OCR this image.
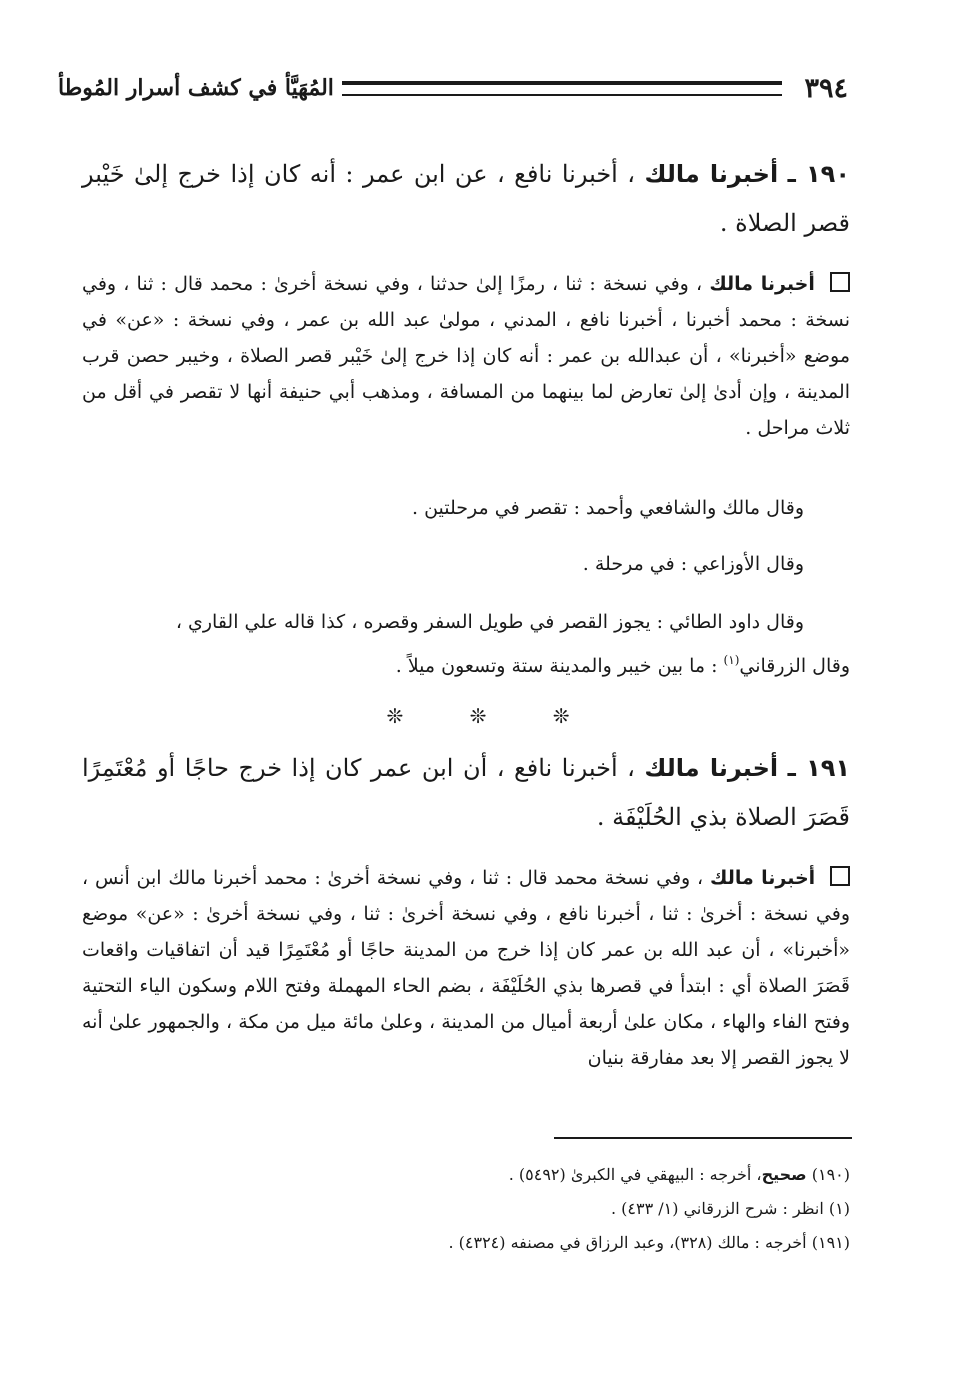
٣٩٤
المُهَيَّأ في كشف أسرار المُوطأ
١٩٠ ـ أخبرنا مالك ، أخبرنا نافع ، عن ابن عمر : أنه كان إذا خرج إلىٰ خَيْبر قصر الصلاة .
أخبرنا مالك ، وفي نسخة : ثنا ، رمزًا إلىٰ حدثنا ، وفي نسخة أخرىٰ : محمد قال : ثنا ، وفي نسخة : محمد أخبرنا ، أخبرنا نافع ، المدني ، مولىٰ عبد الله بن عمر ، وفي نسخة : «عن» في موضع «أخبرنا» ، أن عبدالله بن عمر : أنه كان إذا خرج إلىٰ خَيْبر قصر الصلاة ، وخيبر حصن قرب المدينة ، وإن أدىٰ إلىٰ تعارض لما بينهما من المسافة ، ومذهب أبي حنيفة أنها لا تقصر في أقل من ثلاث مراحل .
وقال مالك والشافعي وأحمد : تقصر في مرحلتين .
وقال الأوزاعي : في مرحلة .
وقال داود الطائي : يجوز القصر في طويل السفر وقصره ، كذا قاله علي القاري ،
وقال الزرقاني$^{(١)}$ : ما بين خيبر والمدينة ستة وتسعون ميلاً .
❊ ❊ ❊
١٩١ ـ أخبرنا مالك ، أخبرنا نافع ، أن ابن عمر كان إذا خرج حاجًا أو مُعْتَمِرًا قَصَرَ الصلاة بذي الحُلَيْفَة .
أخبرنا مالك ، وفي نسخة محمد قال : ثنا ، وفي نسخة أخرىٰ : محمد أخبرنا مالك ابن أنس ، وفي نسخة : أخرىٰ : ثنا ، أخبرنا نافع ، وفي نسخة أخرىٰ : ثنا ، وفي نسخة أخرىٰ : «عن» موضع «أخبرنا» ، أن عبد الله بن عمر كان إذا خرج من المدينة حاجًا أو مُعْتَمِرًا قيد أن اتفاقيات واقعات قَصَرَ الصلاة أي : ابتدأ في قصرها بذي الحُلَيْفَة ، بضم الحاء المهملة وفتح اللام وسكون الياء التحتية وفتح الفاء والهاء ، مكان علىٰ أربعة أميال من المدينة ، وعلىٰ مائة ميل من مكة ، والجمهور علىٰ أنه لا يجوز القصر إلا بعد مفارقة بنيان
(١٩٠) صحيح، أخرجه : البيهقي في الكبرىٰ (٥٤٩٢) .
(١) انظر : شرح الزرقاني (١/ ٤٣٣) .
(١٩١) أخرجه : مالك (٣٢٨)، وعبد الرزاق في مصنفه (٤٣٢٤) .
